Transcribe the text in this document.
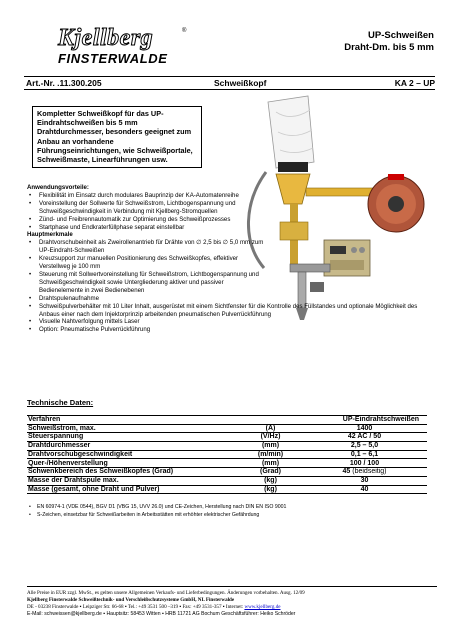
Kjellberg	®
FINSTERWALDE
UP-Schweißen
Draht-Dm. bis 5 mm
Art.-Nr. .11.300.205	Schweißkopf	KA 2 – UP
Kompletter Schweißkopf für das UP-Eindrahtschweißen bis 5 mm Drahtdurchmesser, besonders geeignet zum Anbau an vorhandene Führungseinrichtungen, wie Schweißportale, Schweißmaste, Linearführungen usw.
Anwendungsvorteile:
• Flexibilität im Einsatz durch modulares Bauprinzip der KA-Automatenreihe
• Voreinstellung der Sollwerte für Schweißstrom, Lichtbogenspannung und Schweißgeschwindigkeit in Verbindung mit Kjellberg-Stromquellen
• Zünd- und Freibrennautomatik zur Optimierung des Schweißprozesses
• Startphase und Endkraterfüllphase separat einstellbar
Hauptmerkmale
• Drahtvorschubeinheit als Zweirollenantrieb für Drähte von ∅ 2,5 bis ∅ 5,0 mm zum UP-Eindraht-Schweißen
• Kreuzsupport zur manuellen Positionierung des Schweißkopfes, effektiver Verstellweg je 100 mm
• Steuerung mit Sollwertvoreinstellung für Schweißstrom, Lichtbogenspannung und Schweißgeschwindigkeit sowie Untergliederung aktiver und passiver Bedienelemente in zwei Bedienebenen
• Drahtspulenaufnahme
• Schweißpulverbehälter mit 10 Liter Inhalt, ausgerüstet mit einem Sichtfenster für die Kontrolle des Füllstandes und optionale Möglichkeit des Anbaus einer nach dem Injektorprinzip arbeitenden pneumatischen Pulverrückführung
• Visuelle Nahtverfolgung mittels Laser
• Option: Pneumatische Pulverrückführung
Technische Daten:
Verfahren		UP-Eindrahtschweißen
Schweißstrom, max.	(A)	1400
Steuerspannung	(V/Hz)	42 AC / 50
Drahtdurchmesser	(mm)	2,5 – 5,0
Drahtvorschubgeschwindigkeit	(m/min)	0,1 – 6,1
Quer-/Höhenverstellung	(mm)	100 / 100
Schwenkbereich des Schweißkopfes (Grad)	(Grad)	45 (beidseitig)
Masse der Drahtspule max.	(kg)	30
Masse (gesamt, ohne Draht und Pulver)	(kg)	40
• EN 60974-1 (VDE 0544), BGV D1 (VBG 15, UVV 26.0) und CE-Zeichen, Herstellung nach DIN EN ISO 9001
• S-Zeichen, einsetzbar für Schweißarbeiten in Arbeitsstätten mit erhöhter elektrischer Gefährdung
Alle Preise in EUR zzgl. MwSt., es gelten unsere Allgemeinen Verkaufs- und Lieferbedingungen. Änderungen vorbehalten. Ausg. 12/09
Kjellberg Finsterwalde Schweißtechnik- und Verschleißschutzsysteme GmbH, NL Finsterwalde
DE - 03238 Finsterwalde ▪ Leipziger Str. 66-68 ▪ Tel.: +49 3531 500 –319 ▪ Fax: +49 3531-357 ▪ Internet: www.kjellberg.de
E-Mail: schweissen@kjellberg.de ▪ Hauptsitz: 58453 Witten ▪ HRB 11721 AG Bochum Geschäftsführer: Heiko Schröder
